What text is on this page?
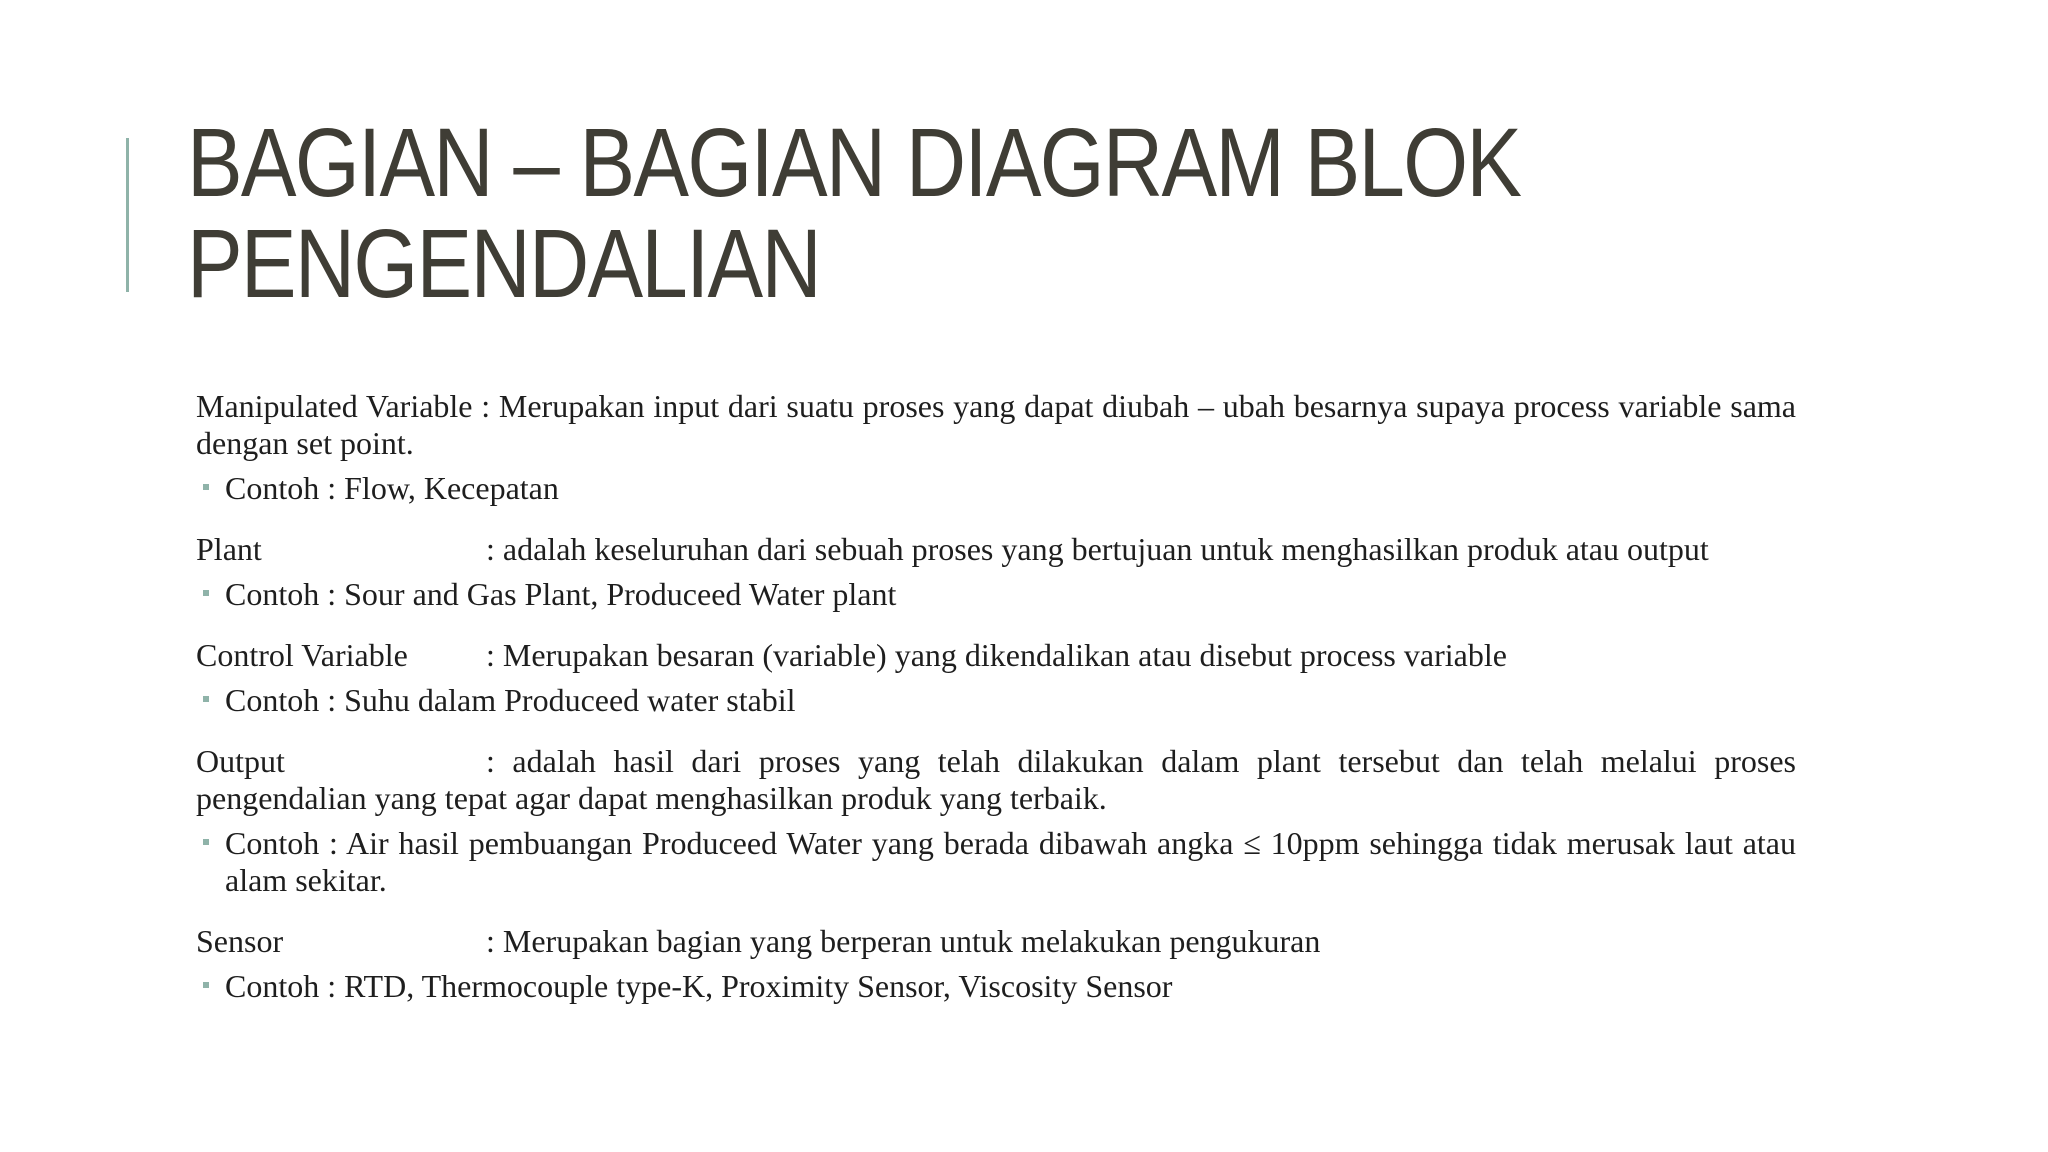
BAGIAN – BAGIAN DIAGRAM BLOK
PENGENDALIAN

Manipulated Variable : Merupakan input dari suatu proses yang dapat diubah – ubah besarnya supaya process variable sama dengan set point.

Contoh : Flow, Kecepatan

Plant	: adalah keseluruhan dari sebuah proses yang bertujuan untuk menghasilkan produk atau output

Contoh : Sour and Gas Plant, Produceed Water plant

Control Variable : Merupakan besaran (variable) yang dikendalikan atau disebut process variable

Contoh : Suhu dalam Produceed water stabil

Output	: adalah hasil dari proses yang telah dilakukan dalam plant tersebut dan telah melalui proses pengendalian yang tepat agar dapat menghasilkan produk yang terbaik.

Contoh : Air hasil pembuangan Produceed Water yang berada dibawah angka ≤ 10ppm sehingga tidak merusak laut atau alam sekitar.

Sensor	: Merupakan bagian yang berperan untuk melakukan pengukuran

Contoh : RTD, Thermocouple type-K, Proximity Sensor, Viscosity Sensor
